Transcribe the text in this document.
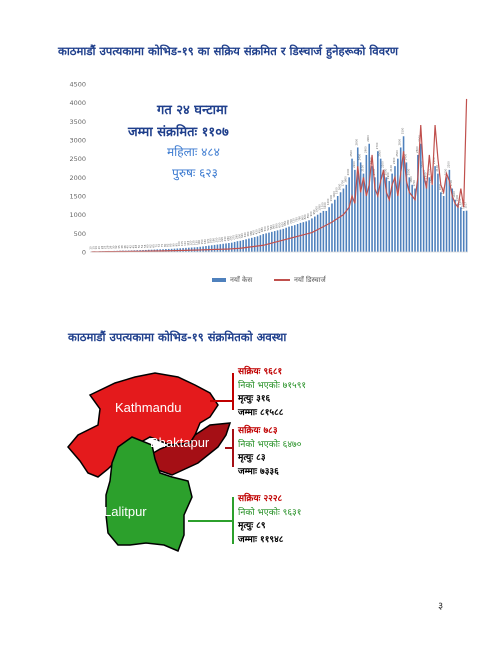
काठमाडौं उपत्यकामा कोभिड-१९ का सक्रिय संक्रमित र डिस्चार्ज हुनेहरूको विवरण
0
500
1000
1500
2000
2500
3000
3500
4000
4500
10 15 14 20 24 25 28 26 30 32 35 38 36 40 42 45 48 50 52 55 60 62 65 70 72 75 80 82 85 90 95 100 105 110 115 120 125 130 140 150 160 170 180 190 200 210 220 230 240 250 270 290 300 320 340 360 380 400 420 450 480 500 520 540 560 580 600 620 650 680 700 720 750 780 800 820 850 900 950 1000 1050 1100 1100
1200
1300
1400
1500
1600
1700
1800
2000
2500
2200
2800
2400
2100
2600
2900
2300
2000
2700
2500
2200
2000
1900
2100
2300
2500
2800
3100
2400
2000
1800
1700
2600
2900
2200
1900
2000
1800
2300
2100
1600
1500
2000
2200
1700
1400
1300
1200
1100 1107
गत २४ घन्टामा
जम्मा संक्रमितः ११०७
महिलाः ४८४
पुरुषः ६२३
नयाँ केस	नयाँ डिस्चार्ज
काठमाडौं उपत्यकामा कोभिड-१९ संक्रमितको अवस्था
Kathmandu
Bhaktapur
Lalitpur
सक्रियः ९६८१
निको भएकोः ७१५९१
मृत्युः ३१६
जम्माः ८१५८८
सक्रियः ७८३
निको भएकोः ६४७०
मृत्युः ८३
जम्माः ७३३६
सक्रियः २२२८
निको भएकोः ९६३१
मृत्युः ८९
जम्माः ११९४८
३
